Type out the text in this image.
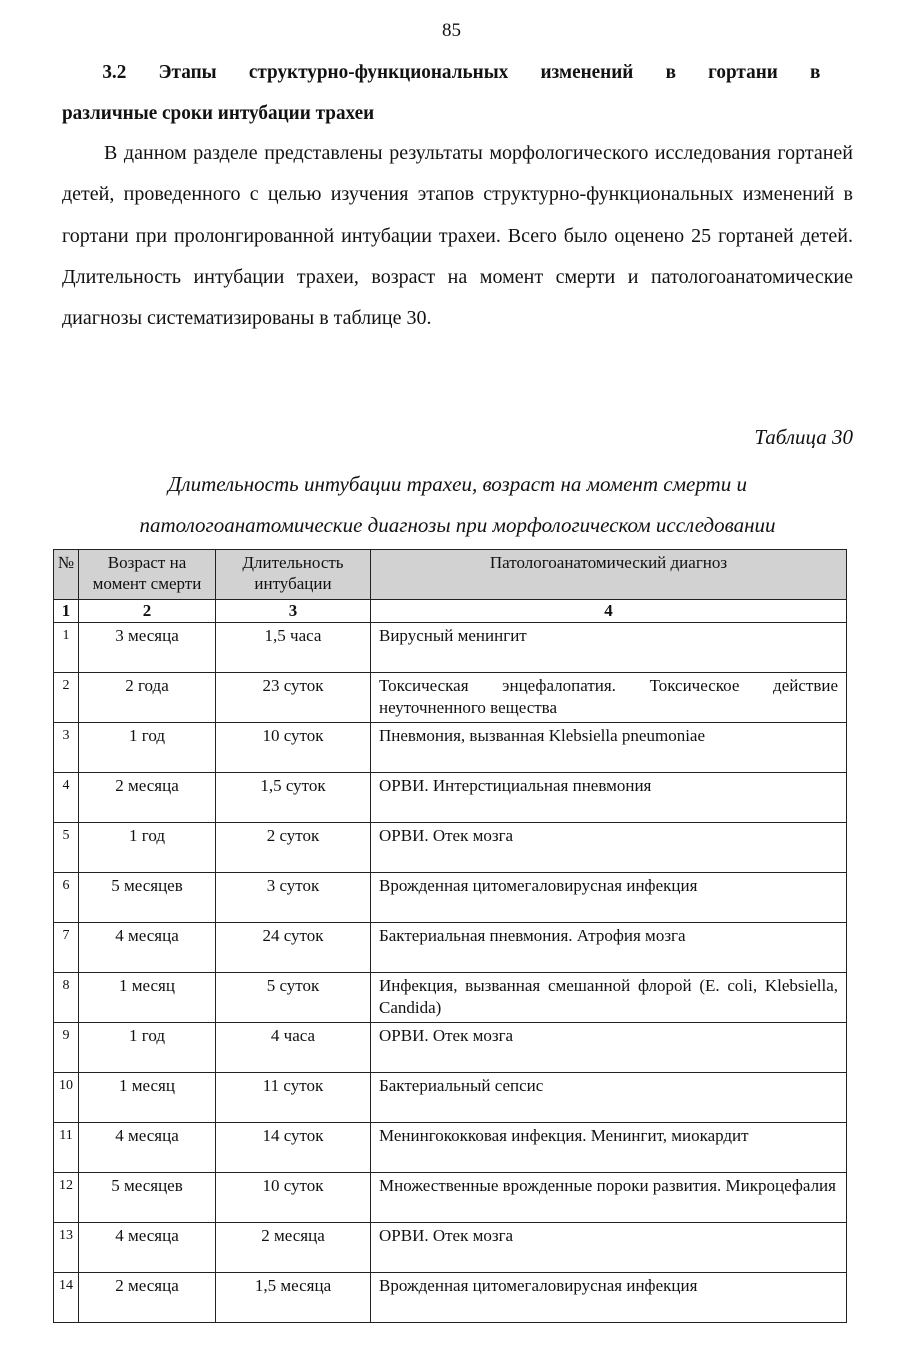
85
3.2 Этапы структурно-функциональных изменений в гортани в
различные сроки интубации трахеи
В данном разделе представлены результаты морфологического исследования гортаней детей, проведенного с целью изучения этапов структурно-функциональных изменений в гортани при пролонгированной интубации трахеи. Всего было оценено 25 гортаней детей. Длительность интубации трахеи, возраст на момент смерти и патологоанатомические диагнозы систематизированы в таблице 30.
Таблица 30
Длительность интубации трахеи, возраст на момент смерти и
патологоанатомические диагнозы при морфологическом исследовании
№	Возраст на момент смерти	Длительность интубации	Патологоанатомический диагноз
1	2	3	4
1	3 месяца	1,5 часа	Вирусный менингит
2	2 года	23 суток	Токсическая энцефалопатия. Токсическое действие неуточненного вещества
3	1 год	10 суток	Пневмония, вызванная Klebsiella pneumoniae
4	2 месяца	1,5 суток	ОРВИ. Интерстициальная пневмония
5	1 год	2 суток	ОРВИ. Отек мозга
6	5 месяцев	3 суток	Врожденная цитомегаловирусная инфекция
7	4 месяца	24 суток	Бактериальная пневмония. Атрофия мозга
8	1 месяц	5 суток	Инфекция, вызванная смешанной флорой (E. coli, Klebsiella, Candida)
9	1 год	4 часа	ОРВИ. Отек мозга
10	1 месяц	11 суток	Бактериальный сепсис
11	4 месяца	14 суток	Менингококковая инфекция. Менингит, миокардит
12	5 месяцев	10 суток	Множественные врожденные пороки развития. Микроцефалия
13	4 месяца	2 месяца	ОРВИ. Отек мозга
14	2 месяца	1,5 месяца	Врожденная цитомегаловирусная инфекция
